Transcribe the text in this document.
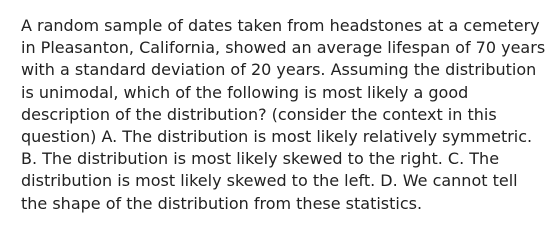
A random sample of dates taken from headstones at a cemetery
in Pleasanton, California, showed an average lifespan of 70 years
with a standard deviation of 20 years. Assuming the distribution
is unimodal, which of the following is most likely a good
description of the distribution? (consider the context in this
question) A. The distribution is most likely relatively symmetric.
B. The distribution is most likely skewed to the right. C. The
distribution is most likely skewed to the left. D. We cannot tell
the shape of the distribution from these statistics.
